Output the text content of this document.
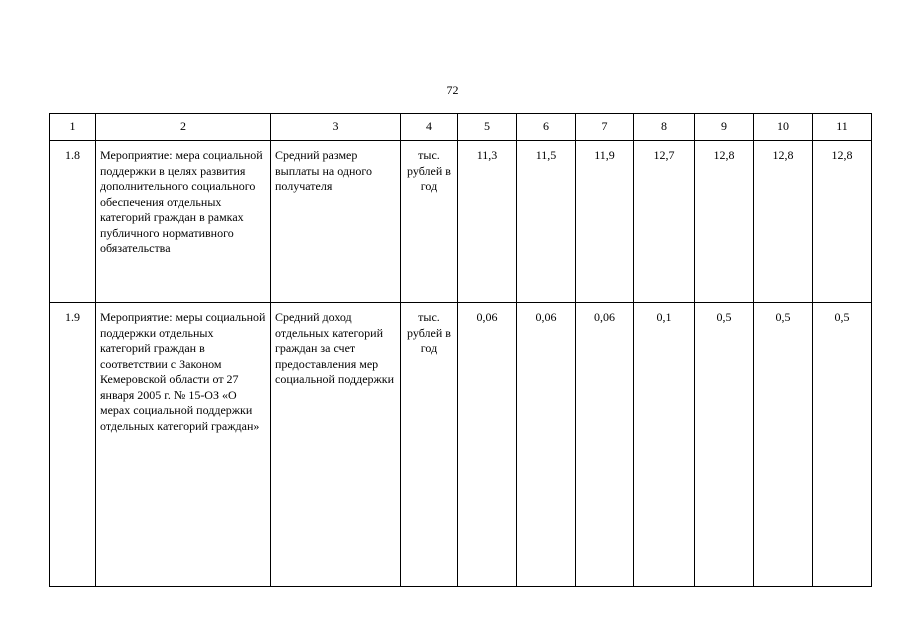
72
1	2	3	4	5	6	7	8	9	10	11
1.8	Мероприятие: мера социальной поддержки в целях развития дополнительного социального обеспечения отдельных категорий граждан в рамках публичного нормативного обязательства	Средний размер выплаты на одного получателя	тыс. рублей в год	11,3	11,5	11,9	12,7	12,8	12,8	12,8
1.9	Мероприятие: меры социальной поддержки отдельных категорий граждан в соответствии с Законом Кемеровской области от 27 января 2005 г. № 15-ОЗ «О мерах социальной поддержки отдельных категорий граждан»	Средний доход отдельных категорий граждан за счет предоставления мер социальной поддержки	тыс. рублей в год	0,06	0,06	0,06	0,1	0,5	0,5	0,5
